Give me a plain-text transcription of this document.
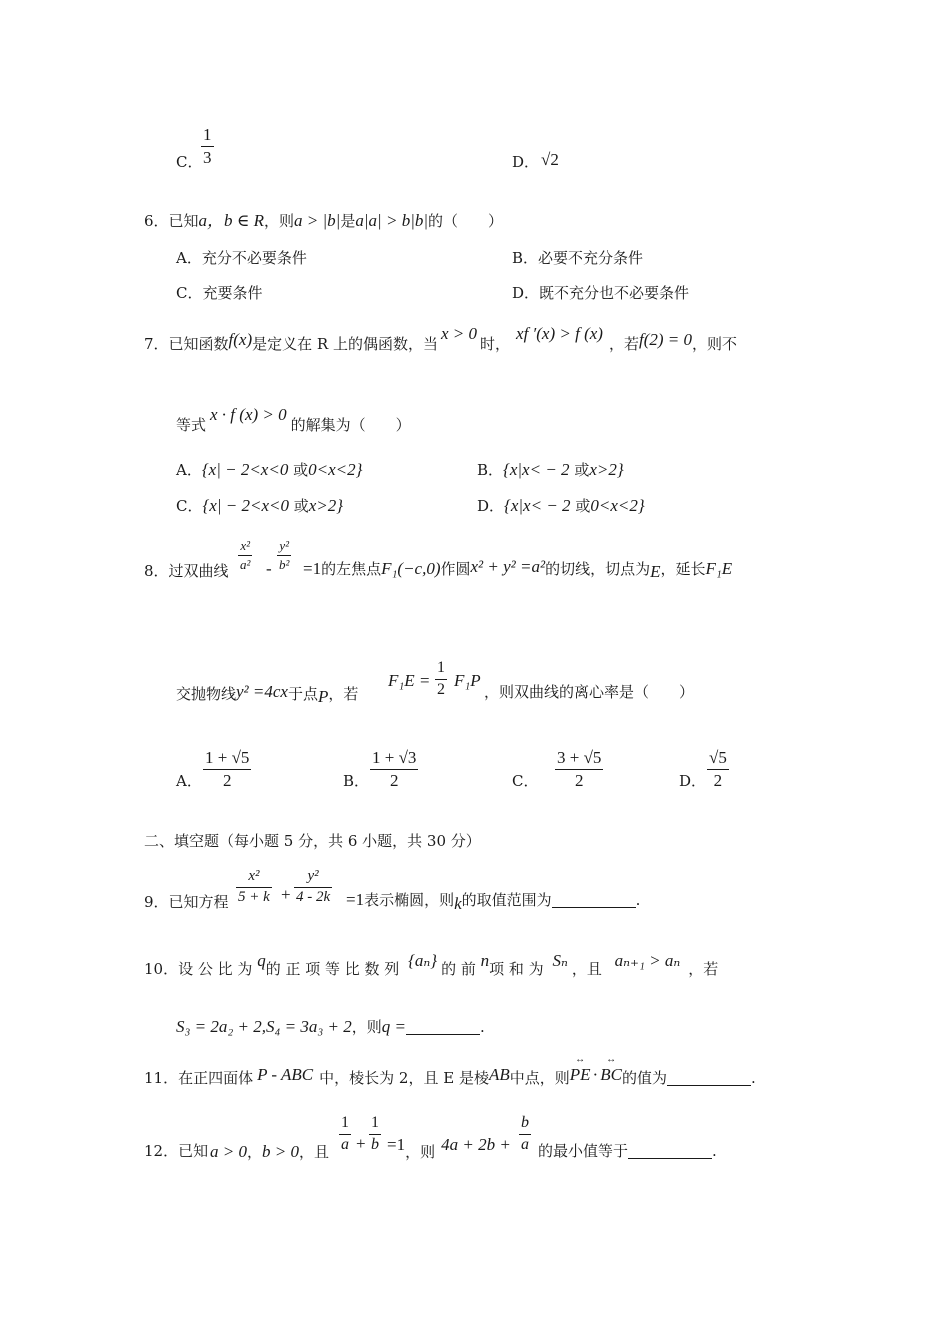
C．
1
3	D． √2
6．已知a，b ∈ R，则a > |b|是a|a| > b|b|的（　　）
A．充分不必要条件	B．必要不充分条件
C．充要条件	D．既不充分也不必要条件
7．已知函数f(x)是定义在 R 上的偶函数，当x > 0时，xf ′(x) > f (x)，若f(2) = 0，则不
等式x · f (x) > 0的解集为（　　）
A．{x| − 2<x<0 或0<x<2}	B．{x|x< − 2 或x>2}
C．{x| − 2<x<0 或x>2}	D．{x|x< − 2 或0<x<2}
8．过双曲线
x²
a² -
y²
b² =1的左焦点F₁(−c,0)作圆x² + y² =a²的切线，切点为E，延长F₁E
交抛物线y² =4cx于点P，若
F₁E =
1
2 F₁P
，则双曲线的离心率是（　　）
A．
1 + √5
2	B．
1 + √3
2	C．
3 + √5
2	D．
√5
2
二、填空题（每小题 5 分，共 6 小题，共 30 分）
9．已知方程
x²
5 + k +
y²
4 - 2k =1表示椭圆，则k的取值范围为	.
10．设 公 比 为 q的 正 项 等 比 数 列 {aₙ} 的 前 n项 和 为 Sₙ ，且 aₙ₊₁ > aₙ ，若
S₃ = 2a₂ + 2,S₄ = 3a₃ + 2，则q =	.
11．在正四面体 P - ABC 中，棱长为 2，且 E 是棱AB中点，则↔ PE ·↔ BC的值为	.
12．已知 a > 0，b > 0，且
1
a +
1
b =1，则 4a + 2b +
b
a 的最小值等于	.
